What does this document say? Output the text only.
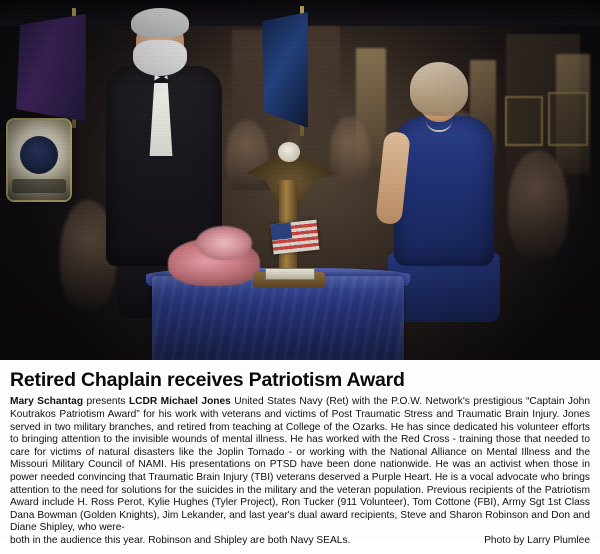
Retired Chaplain receives Patriotism Award

Mary Schantag presents LCDR Michael Jones United States Navy (Ret) with the P.O.W. Network's prestigious “Captain John Koutrakos Patriotism Award” for his work with veterans and victims of Post Traumatic Stress and Traumatic Brain Injury. Jones served in two military branches, and retired from teaching at College of the Ozarks. He has since dedicated his volunteer efforts to bringing attention to the invisible wounds of mental illness. He has worked with the Red Cross - training those that needed to care for victims of natural disasters like the Joplin Tornado - or working with the National Alliance on Mental Illness and the Missouri Military Council of NAMI. His presentations on PTSD have been done nationwide. He was an activist when those in power needed convincing that Traumatic Brain Injury (TBI) veterans deserved a Purple Heart. He is a vocal advocate who brings attention to the need for solutions for the suicides in the military and the veteran population. Previous recipients of the Patriotism Award include H. Ross Perot, Kylie Hughes (Tyler Project), Ron Tucker (911 Volunteer), Tom Cottone (FBI), Army Sgt 1st Class Dana Bowman (Golden Knights), Jim Lekander, and last year's dual award recipients, Steve and Sharon Robinson and Don and Diane Shipley, who were-

both in the audience this year. Robinson and Shipley are both Navy SEALs.	Photo by Larry Plumlee
